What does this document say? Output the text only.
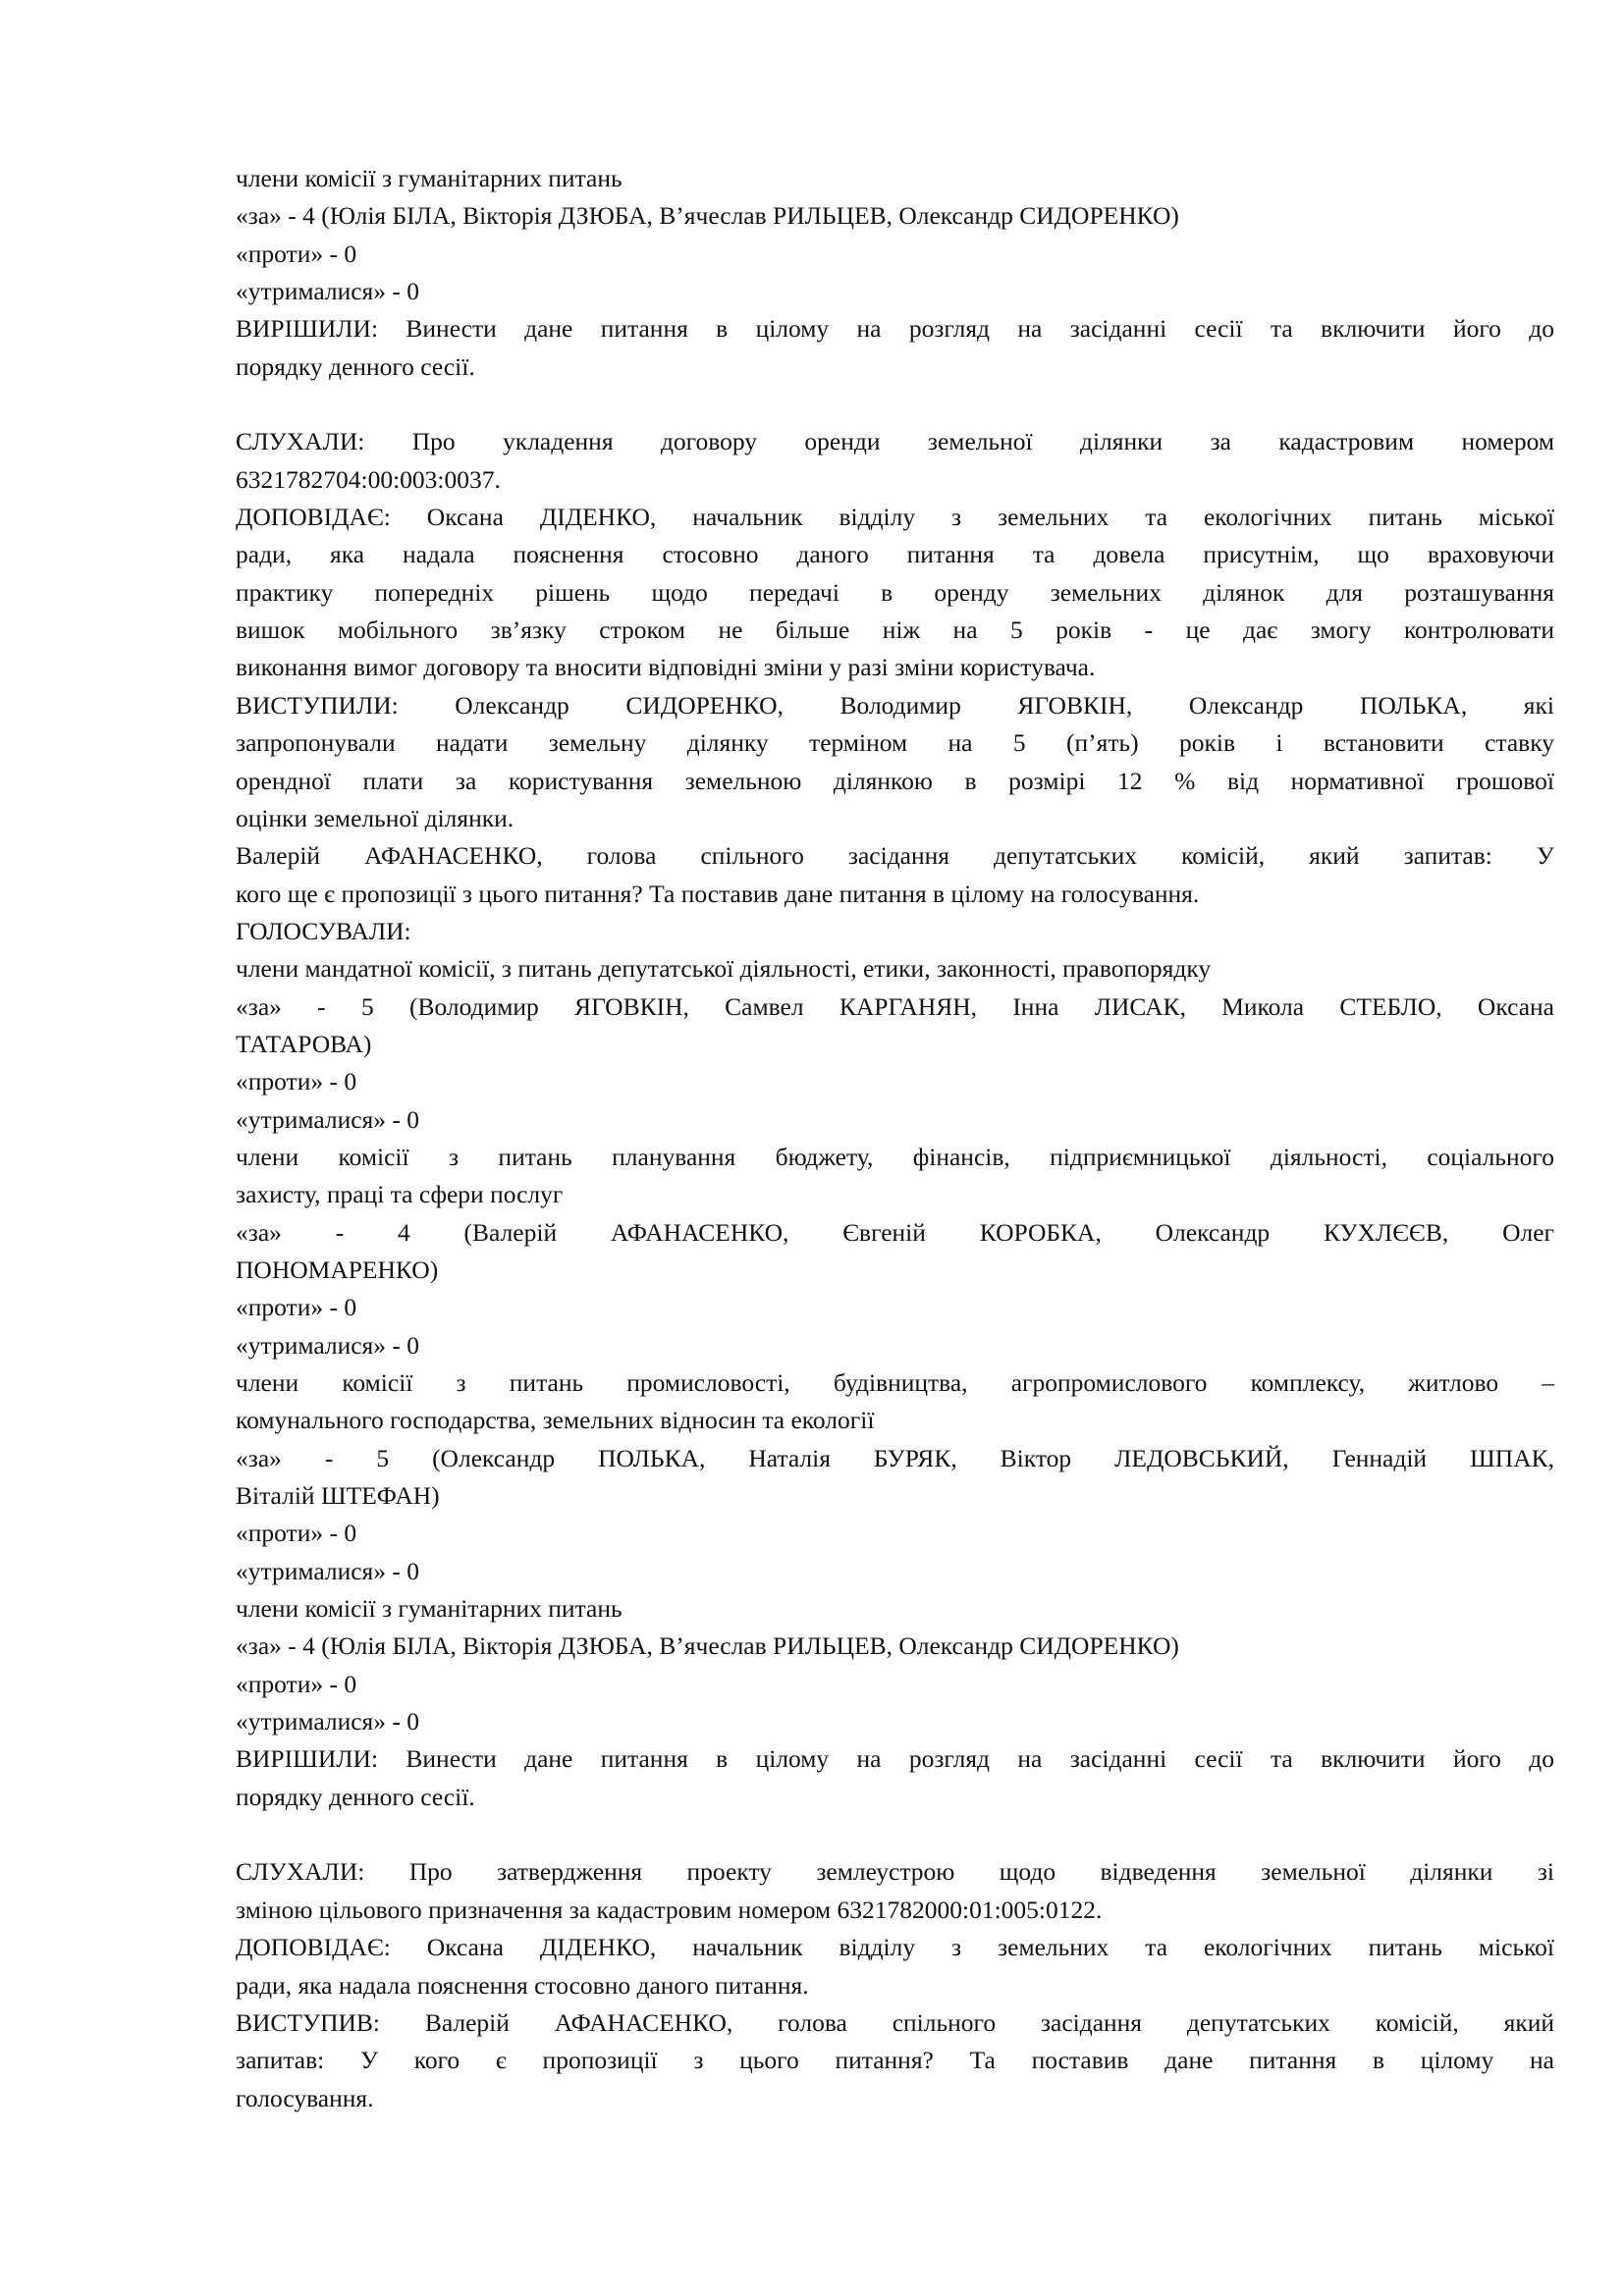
члени комісії з гуманітарних питань
«за» - 4 (Юлія БІЛА, Вікторія ДЗЮБА, В’ячеслав РИЛЬЦЕВ, Олександр СИДОРЕНКО)
«проти» - 0
«утрималися» - 0
ВИРІШИЛИ: Винести дане питання в цілому на розгляд на засіданні сесії та включити його до
порядку денного сесії.
СЛУХАЛИ: Про укладення договору оренди земельної ділянки за кадастровим номером
6321782704:00:003:0037.
ДОПОВІДАЄ: Оксана ДІДЕНКО, начальник відділу з земельних та екологічних питань міської
ради, яка надала пояснення стосовно даного питання та довела присутнім, що враховуючи
практику попередніх рішень щодо передачі в оренду земельних ділянок для розташування
вишок мобільного зв’язку строком не більше ніж на 5 років - це дає змогу контролювати
виконання вимог договору та вносити відповідні зміни у разі зміни користувача.
ВИСТУПИЛИ: Олександр СИДОРЕНКО, Володимир ЯГОВКІН, Олександр ПОЛЬКА, які
запропонували надати земельну ділянку терміном на 5 (п’ять) років і встановити ставку
орендної плати за користування земельною ділянкою в розмірі 12 % від нормативної грошової
оцінки земельної ділянки.
Валерій АФАНАСЕНКО, голова спільного засідання депутатських комісій, який запитав: У
кого ще є пропозиції з цього питання? Та поставив дане питання в цілому на голосування.
ГОЛОСУВАЛИ:
члени мандатної комісії, з питань депутатської діяльності, етики, законності, правопорядку
«за» - 5 (Володимир ЯГОВКІН, Самвел КАРГАНЯН, Інна ЛИСАК, Микола СТЕБЛО, Оксана
ТАТАРОВА)
«проти» - 0
«утрималися» - 0
члени комісії з питань планування бюджету, фінансів, підприємницької діяльності, соціального
захисту, праці та сфери послуг
«за» - 4 (Валерій АФАНАСЕНКО, Євгеній КОРОБКА, Олександр КУХЛЄЄВ, Олег
ПОНОМАРЕНКО)
«проти» - 0
«утрималися» - 0
члени комісії з питань промисловості, будівництва, агропромислового комплексу, житлово –
комунального господарства, земельних відносин та екології
«за» - 5 (Олександр ПОЛЬКА, Наталія БУРЯК, Віктор ЛЕДОВСЬКИЙ, Геннадій ШПАК,
Віталій ШТЕФАН)
«проти» - 0
«утрималися» - 0
члени комісії з гуманітарних питань
«за» - 4 (Юлія БІЛА, Вікторія ДЗЮБА, В’ячеслав РИЛЬЦЕВ, Олександр СИДОРЕНКО)
«проти» - 0
«утрималися» - 0
ВИРІШИЛИ: Винести дане питання в цілому на розгляд на засіданні сесії та включити його до
порядку денного сесії.
СЛУХАЛИ: Про затвердження проекту землеустрою щодо відведення земельної ділянки зі
зміною цільового призначення за кадастровим номером 6321782000:01:005:0122.
ДОПОВІДАЄ: Оксана ДІДЕНКО, начальник відділу з земельних та екологічних питань міської
ради, яка надала пояснення стосовно даного питання.
ВИСТУПИВ: Валерій АФАНАСЕНКО, голова спільного засідання депутатських комісій, який
запитав: У кого є пропозиції з цього питання? Та поставив дане питання в цілому на
голосування.
